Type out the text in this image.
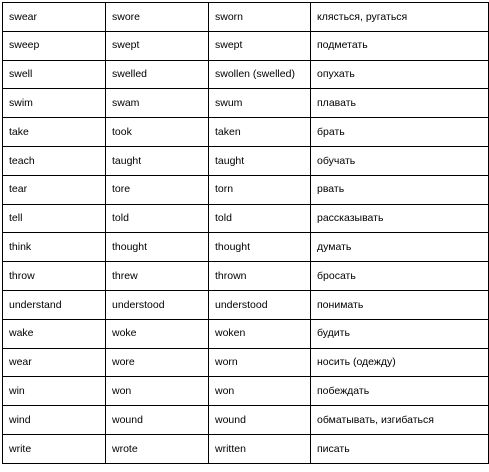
swear	swore	sworn	клясться, ругаться
sweep	swept	swept	подметать
swell	swelled	swollen (swelled)	опухать
swim	swam	swum	плавать
take	took	taken	брать
teach	taught	taught	обучать
tear	tore	torn	рвать
tell	told	told	рассказывать
think	thought	thought	думать
throw	threw	thrown	бросать
understand	understood	understood	понимать
wake	woke	woken	будить
wear	wore	worn	носить (одежду)
win	won	won	побеждать
wind	wound	wound	обматывать, изгибаться
write	wrote	written	писать
